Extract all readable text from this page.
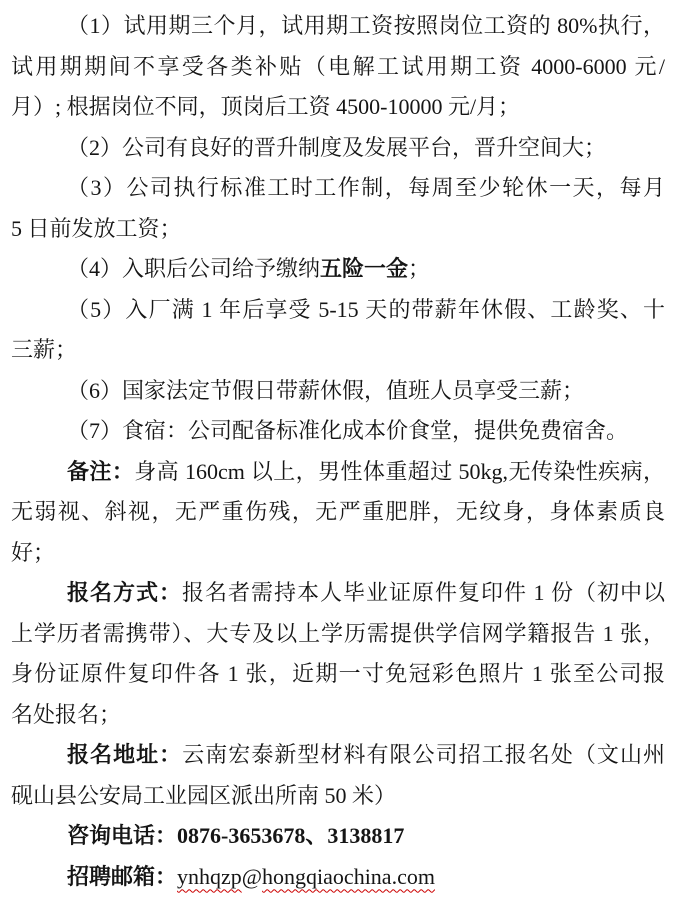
（1）试用期三个月，试用期工资按照岗位工资的 80%执行，
试用期期间不享受各类补贴（电解工试用期工资 4000-6000 元/
月）; 根据岗位不同，顶岗后工资 4500-10000 元/月；
（2）公司有良好的晋升制度及发展平台，晋升空间大；
（3）公司执行标准工时工作制，每周至少轮休一天，每月
5 日前发放工资；
（4）入职后公司给予缴纳五险一金；
（5）入厂满 1 年后享受 5-15 天的带薪年休假、工龄奖、十
三薪；
（6）国家法定节假日带薪休假，值班人员享受三薪；
（7）食宿：公司配备标准化成本价食堂，提供免费宿舍。
备注：身高 160cm 以上，男性体重超过 50kg,无传染性疾病，
无弱视、斜视，无严重伤残，无严重肥胖，无纹身，身体素质良
好；
报名方式：报名者需持本人毕业证原件复印件 1 份（初中以
上学历者需携带）、大专及以上学历需提供学信网学籍报告 1 张，
身份证原件复印件各 1 张，近期一寸免冠彩色照片 1 张至公司报
名处报名；
报名地址：云南宏泰新型材料有限公司招工报名处（文山州
砚山县公安局工业园区派出所南 50 米）
咨询电话：0876-3653678、3138817
招聘邮箱：ynhqzp@hongqiaochina.com
